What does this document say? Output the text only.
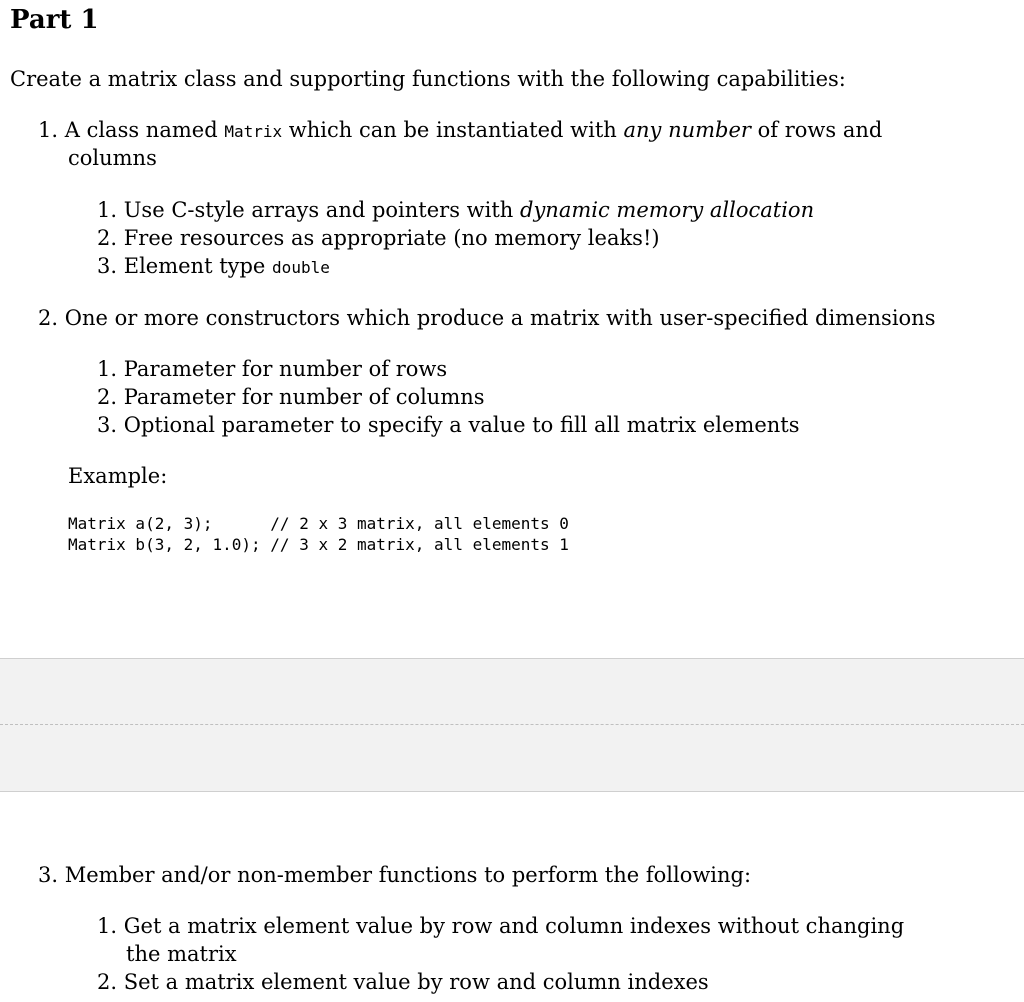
Part 1
Create a matrix class and supporting functions with the following capabilities:
1. A class named Matrix which can be instantiated with any number of rows and
columns
1. Use C-style arrays and pointers with dynamic memory allocation
2. Free resources as appropriate (no memory leaks!)
3. Element type double
2. One or more constructors which produce a matrix with user-specified dimensions
1. Parameter for number of rows
2. Parameter for number of columns
3. Optional parameter to specify a value to fill all matrix elements
Example:
Matrix a(2, 3);      // 2 x 3 matrix, all elements 0
Matrix b(3, 2, 1.0); // 3 x 2 matrix, all elements 1
3. Member and/or non-member functions to perform the following:
1. Get a matrix element value by row and column indexes without changing
the matrix
2. Set a matrix element value by row and column indexes
